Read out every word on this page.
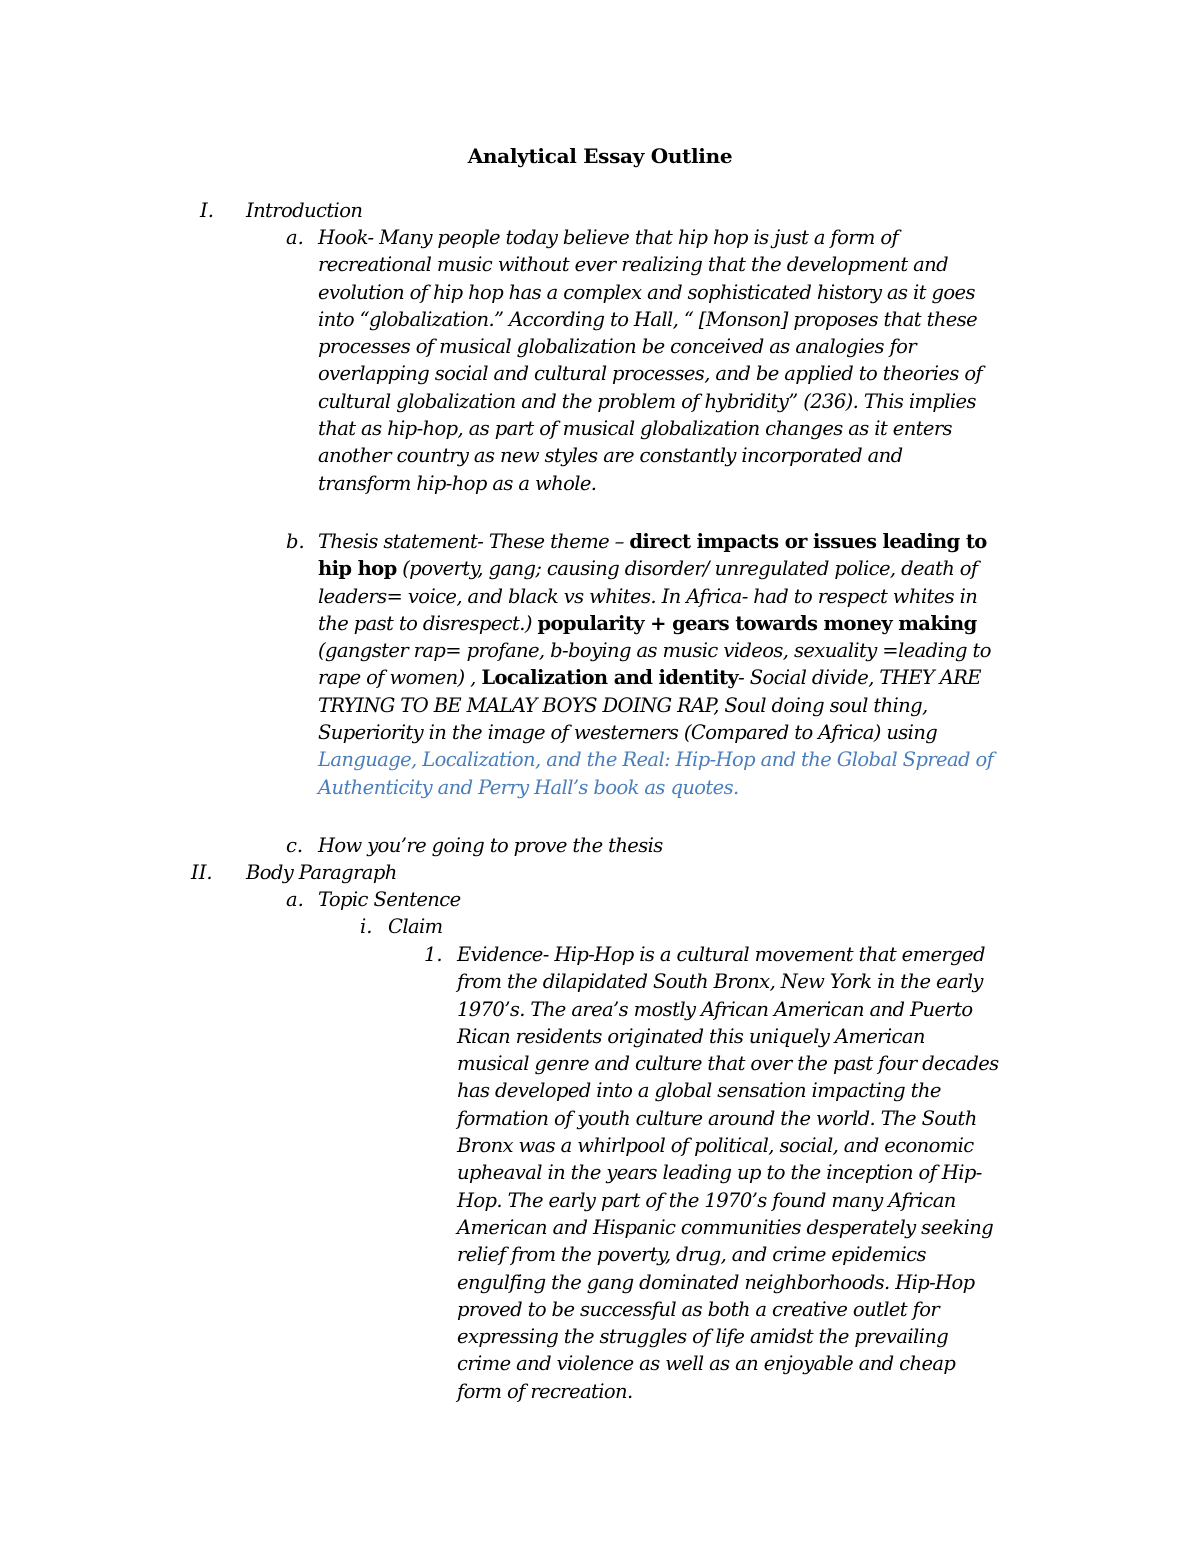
Analytical Essay Outline
I. Introduction
a. Hook- Many people today believe that hip hop is just a form of
recreational music without ever realizing that the development and
evolution of hip hop has a complex and sophisticated history as it goes
into “globalization.” According to Hall, “ [Monson] proposes that these
processes of musical globalization be conceived as analogies for
overlapping social and cultural processes, and be applied to theories of
cultural globalization and the problem of hybridity” (236). This implies
that as hip-hop, as part of musical globalization changes as it enters
another country as new styles are constantly incorporated and
transform hip-hop as a whole.
b. Thesis statement- These theme – direct impacts or issues leading to
hip hop (poverty, gang; causing disorder/ unregulated police, death of
leaders= voice, and black vs whites. In Africa- had to respect whites in
the past to disrespect.) popularity + gears towards money making
(gangster rap= profane, b-boying as music videos, sexuality =leading to
rape of women) , Localization and identity- Social divide, THEY ARE
TRYING TO BE MALAY BOYS DOING RAP, Soul doing soul thing,
Superiority in the image of westerners (Compared to Africa) using
Language, Localization, and the Real: Hip-Hop and the Global Spread of
Authenticity and Perry Hall’s book as quotes.
c. How you’re going to prove the thesis
II. Body Paragraph
a. Topic Sentence
i. Claim
1. Evidence- Hip-Hop is a cultural movement that emerged
from the dilapidated South Bronx, New York in the early
1970’s. The area’s mostly African American and Puerto
Rican residents originated this uniquely American
musical genre and culture that over the past four decades
has developed into a global sensation impacting the
formation of youth culture around the world. The South
Bronx was a whirlpool of political, social, and economic
upheaval in the years leading up to the inception of Hip-
Hop. The early part of the 1970’s found many African
American and Hispanic communities desperately seeking
relief from the poverty, drug, and crime epidemics
engulfing the gang dominated neighborhoods. Hip-Hop
proved to be successful as both a creative outlet for
expressing the struggles of life amidst the prevailing
crime and violence as well as an enjoyable and cheap
form of recreation.
